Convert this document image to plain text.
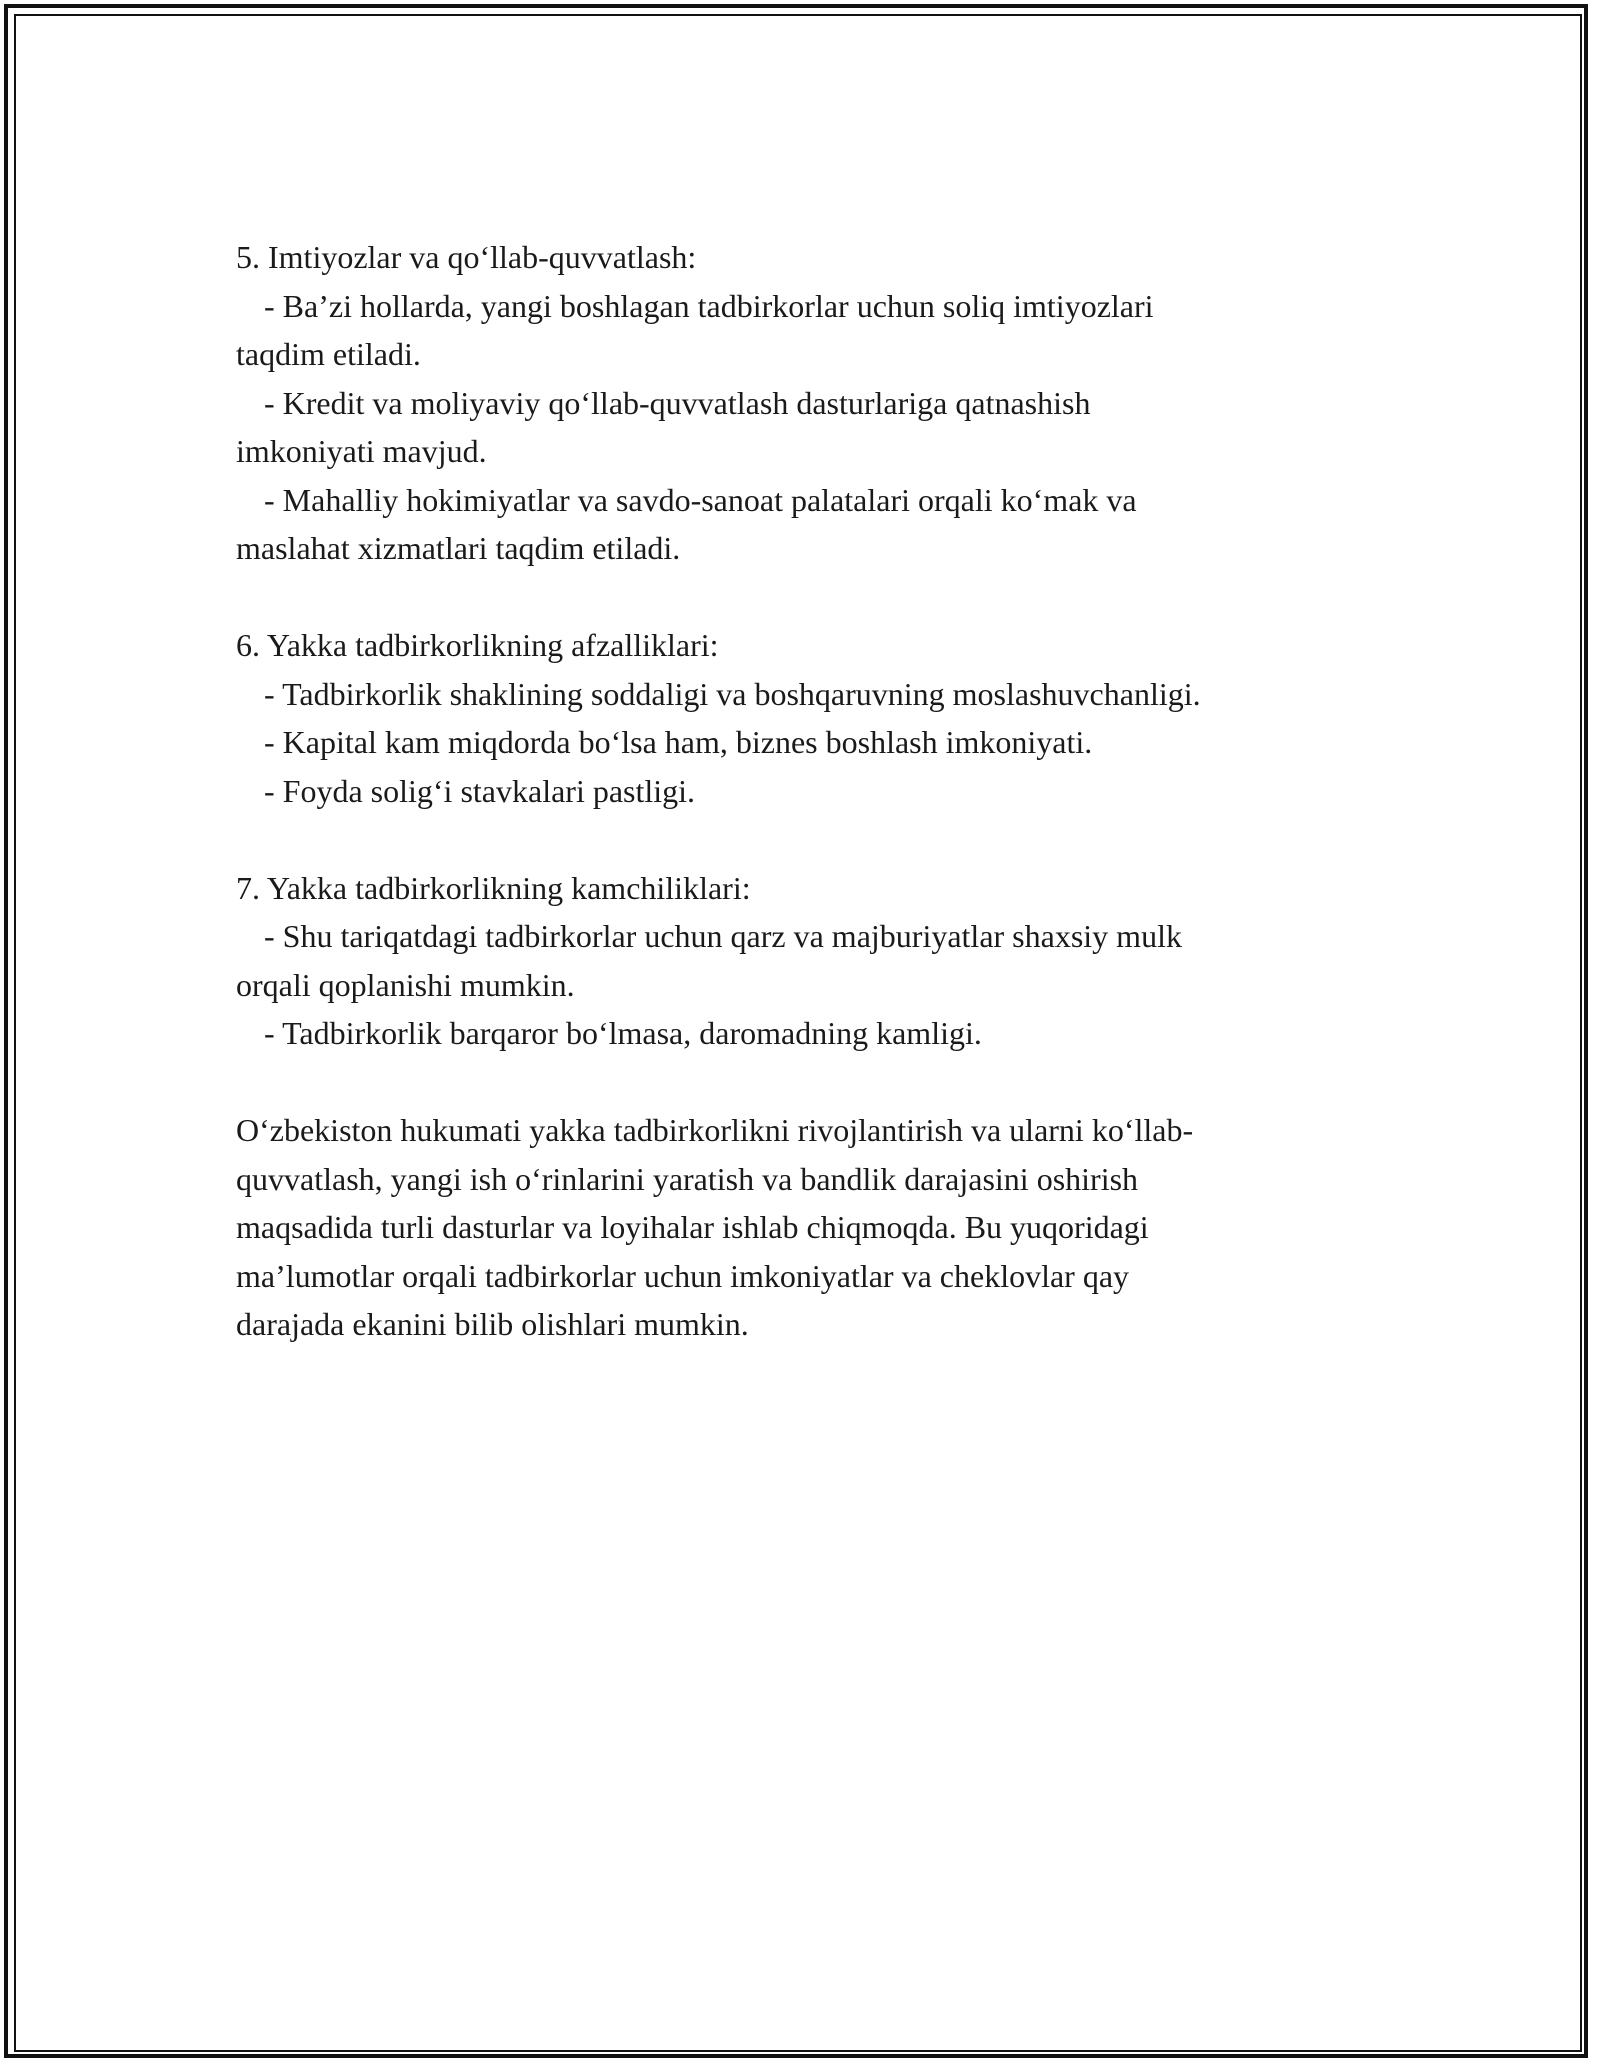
5. Imtiyozlar va qo‘llab-quvvatlash:

- Ba’zi hollarda, yangi boshlagan tadbirkorlar uchun soliq imtiyozlari

taqdim etiladi.

- Kredit va moliyaviy qo‘llab-quvvatlash dasturlariga qatnashish

imkoniyati mavjud.

- Mahalliy hokimiyatlar va savdo-sanoat palatalari orqali ko‘mak va

maslahat xizmatlari taqdim etiladi.

6. Yakka tadbirkorlikning afzalliklari:

- Tadbirkorlik shaklining soddaligi va boshqaruvning moslashuvchanligi.

- Kapital kam miqdorda bo‘lsa ham, biznes boshlash imkoniyati.

- Foyda solig‘i stavkalari pastligi.

7. Yakka tadbirkorlikning kamchiliklari:

- Shu tariqatdagi tadbirkorlar uchun qarz va majburiyatlar shaxsiy mulk

orqali qoplanishi mumkin.

- Tadbirkorlik barqaror bo‘lmasa, daromadning kamligi.

O‘zbekiston hukumati yakka tadbirkorlikni rivojlantirish va ularni ko‘llab-

quvvatlash, yangi ish o‘rinlarini yaratish va bandlik darajasini oshirish

maqsadida turli dasturlar va loyihalar ishlab chiqmoqda. Bu yuqoridagi

ma’lumotlar orqali tadbirkorlar uchun imkoniyatlar va cheklovlar qay

darajada ekanini bilib olishlari mumkin.
